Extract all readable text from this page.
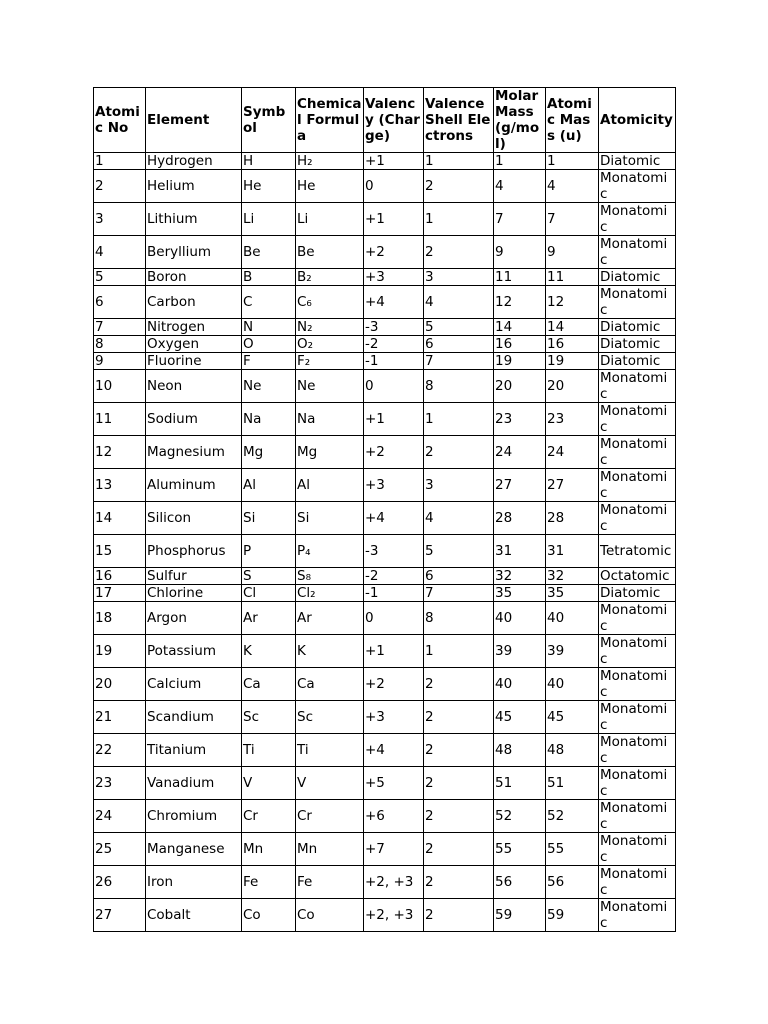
Atomic No	Element	Symbol	Chemical Formula	Valency (Charge)	Valence Shell Electrons	Molar Mass (g/mol)	Atomic Mass (u)	Atomicity
1	Hydrogen	H	H₂	+1	1	1	1	Diatomic
2	Helium	He	He	0	2	4	4	Monatomic
3	Lithium	Li	Li	+1	1	7	7	Monatomic
4	Beryllium	Be	Be	+2	2	9	9	Monatomic
5	Boron	B	B₂	+3	3	11	11	Diatomic
6	Carbon	C	C₆	+4	4	12	12	Monatomic
7	Nitrogen	N	N₂	-3	5	14	14	Diatomic
8	Oxygen	O	O₂	-2	6	16	16	Diatomic
9	Fluorine	F	F₂	-1	7	19	19	Diatomic
10	Neon	Ne	Ne	0	8	20	20	Monatomic
11	Sodium	Na	Na	+1	1	23	23	Monatomic
12	Magnesium	Mg	Mg	+2	2	24	24	Monatomic
13	Aluminum	Al	Al	+3	3	27	27	Monatomic
14	Silicon	Si	Si	+4	4	28	28	Monatomic
15	Phosphorus	P	P₄	-3	5	31	31	Tetratomic
16	Sulfur	S	S₈	-2	6	32	32	Octatomic
17	Chlorine	Cl	Cl₂	-1	7	35	35	Diatomic
18	Argon	Ar	Ar	0	8	40	40	Monatomic
19	Potassium	K	K	+1	1	39	39	Monatomic
20	Calcium	Ca	Ca	+2	2	40	40	Monatomic
21	Scandium	Sc	Sc	+3	2	45	45	Monatomic
22	Titanium	Ti	Ti	+4	2	48	48	Monatomic
23	Vanadium	V	V	+5	2	51	51	Monatomic
24	Chromium	Cr	Cr	+6	2	52	52	Monatomic
25	Manganese	Mn	Mn	+7	2	55	55	Monatomic
26	Iron	Fe	Fe	+2, +3	2	56	56	Monatomic
27	Cobalt	Co	Co	+2, +3	2	59	59	Monatomic
